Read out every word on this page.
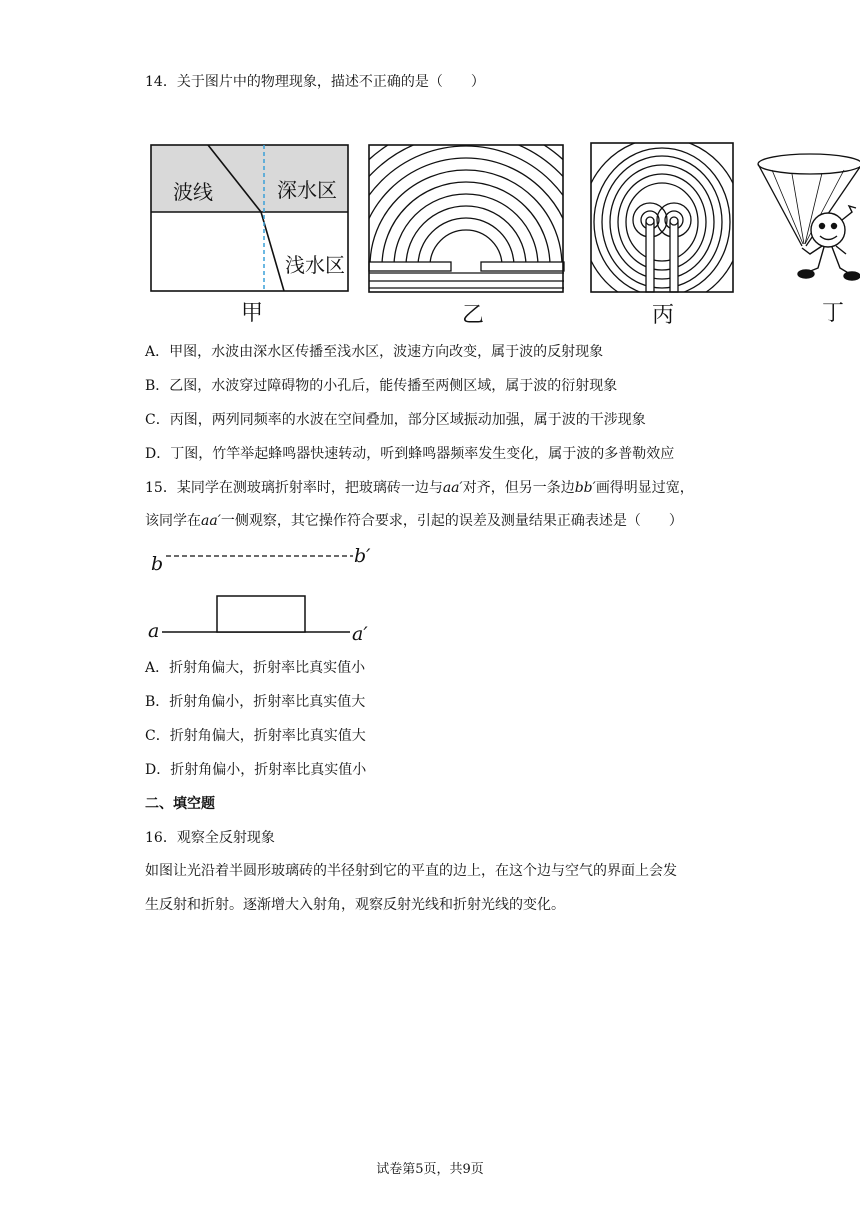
14．关于图片中的物理现象，描述不正确的是（　　）
波线	深水区
浅水区
甲	乙	丙	丁
A．甲图，水波由深水区传播至浅水区，波速方向改变，属于波的反射现象
B．乙图，水波穿过障碍物的小孔后，能传播至两侧区域，属于波的衍射现象
C．丙图，两列同频率的水波在空间叠加，部分区域振动加强，属于波的干涉现象
D．丁图，竹竿举起蜂鸣器快速转动，听到蜂鸣器频率发生变化，属于波的多普勒效应
15．某同学在测玻璃折射率时，把玻璃砖一边与aa′对齐，但另一条边bb′画得明显过宽，
该同学在aa′一侧观察，其它操作符合要求，引起的误差及测量结果正确表述是（　　）
b	b′
a	a′
A．折射角偏大，折射率比真实值小
B．折射角偏小，折射率比真实值大
C．折射角偏大，折射率比真实值大
D．折射角偏小，折射率比真实值小
二、填空题
16．观察全反射现象
如图让光沿着半圆形玻璃砖的半径射到它的平直的边上，在这个边与空气的界面上会发
生反射和折射。逐渐增大入射角，观察反射光线和折射光线的变化。
试卷第5页，共9页
